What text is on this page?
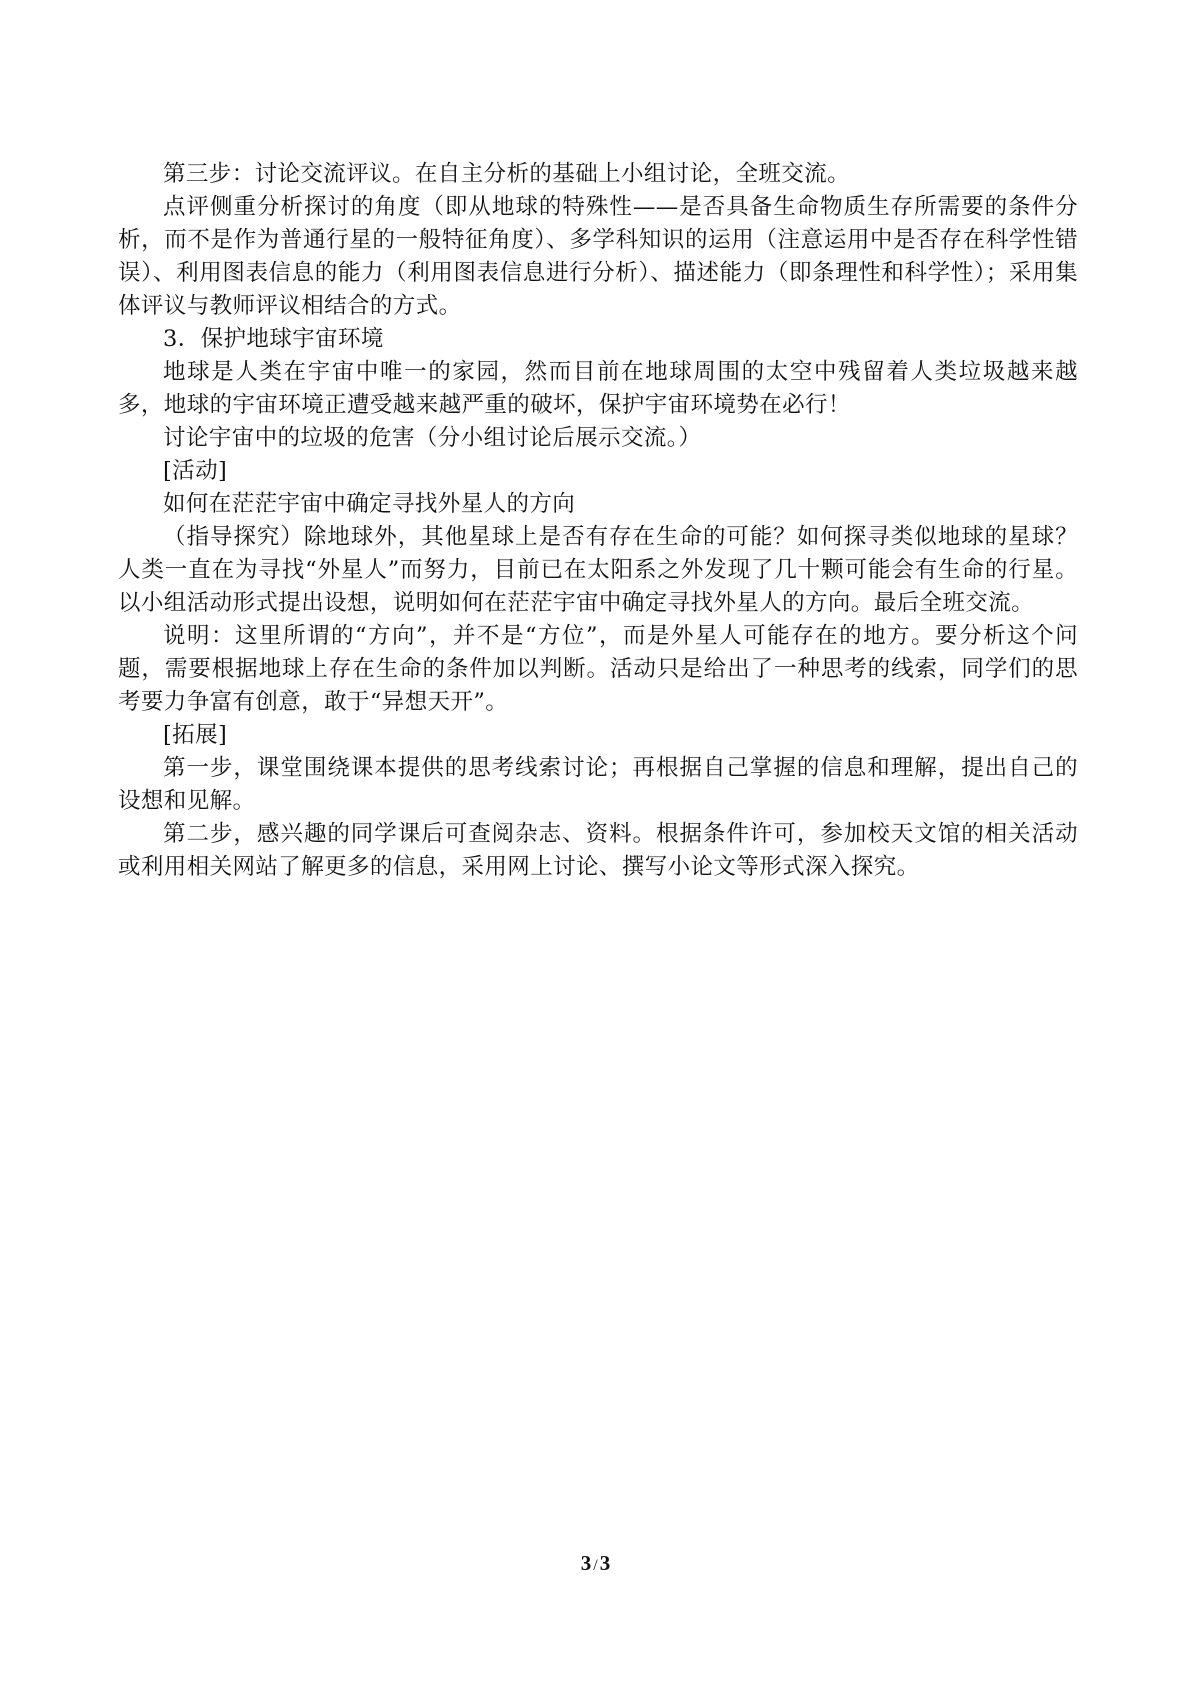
第三步：讨论交流评议。在自主分析的基础上小组讨论，全班交流。

点评侧重分析探讨的角度（即从地球的特殊性——是否具备生命物质生存所需要的条件分析，而不是作为普通行星的一般特征角度）、多学科知识的运用（注意运用中是否存在科学性错误）、利用图表信息的能力（利用图表信息进行分析）、描述能力（即条理性和科学性）；采用集体评议与教师评议相结合的方式。

3．保护地球宇宙环境

地球是人类在宇宙中唯一的家园，然而目前在地球周围的太空中残留着人类垃圾越来越多，地球的宇宙环境正遭受越来越严重的破坏，保护宇宙环境势在必行！

讨论宇宙中的垃圾的危害（分小组讨论后展示交流。）

[活动]

如何在茫茫宇宙中确定寻找外星人的方向

（指导探究）除地球外，其他星球上是否有存在生命的可能？如何探寻类似地球的星球？人类一直在为寻找“外星人”而努力，目前已在太阳系之外发现了几十颗可能会有生命的行星。以小组活动形式提出设想，说明如何在茫茫宇宙中确定寻找外星人的方向。最后全班交流。

说明：这里所谓的“方向”，并不是“方位”，而是外星人可能存在的地方。要分析这个问题，需要根据地球上存在生命的条件加以判断。活动只是给出了一种思考的线索，同学们的思考要力争富有创意，敢于“异想天开”。

[拓展]

第一步，课堂围绕课本提供的思考线索讨论；再根据自己掌握的信息和理解，提出自己的设想和见解。

第二步，感兴趣的同学课后可查阅杂志、资料。根据条件许可，参加校天文馆的相关活动或利用相关网站了解更多的信息，采用网上讨论、撰写小论文等形式深入探究。

3 /3
